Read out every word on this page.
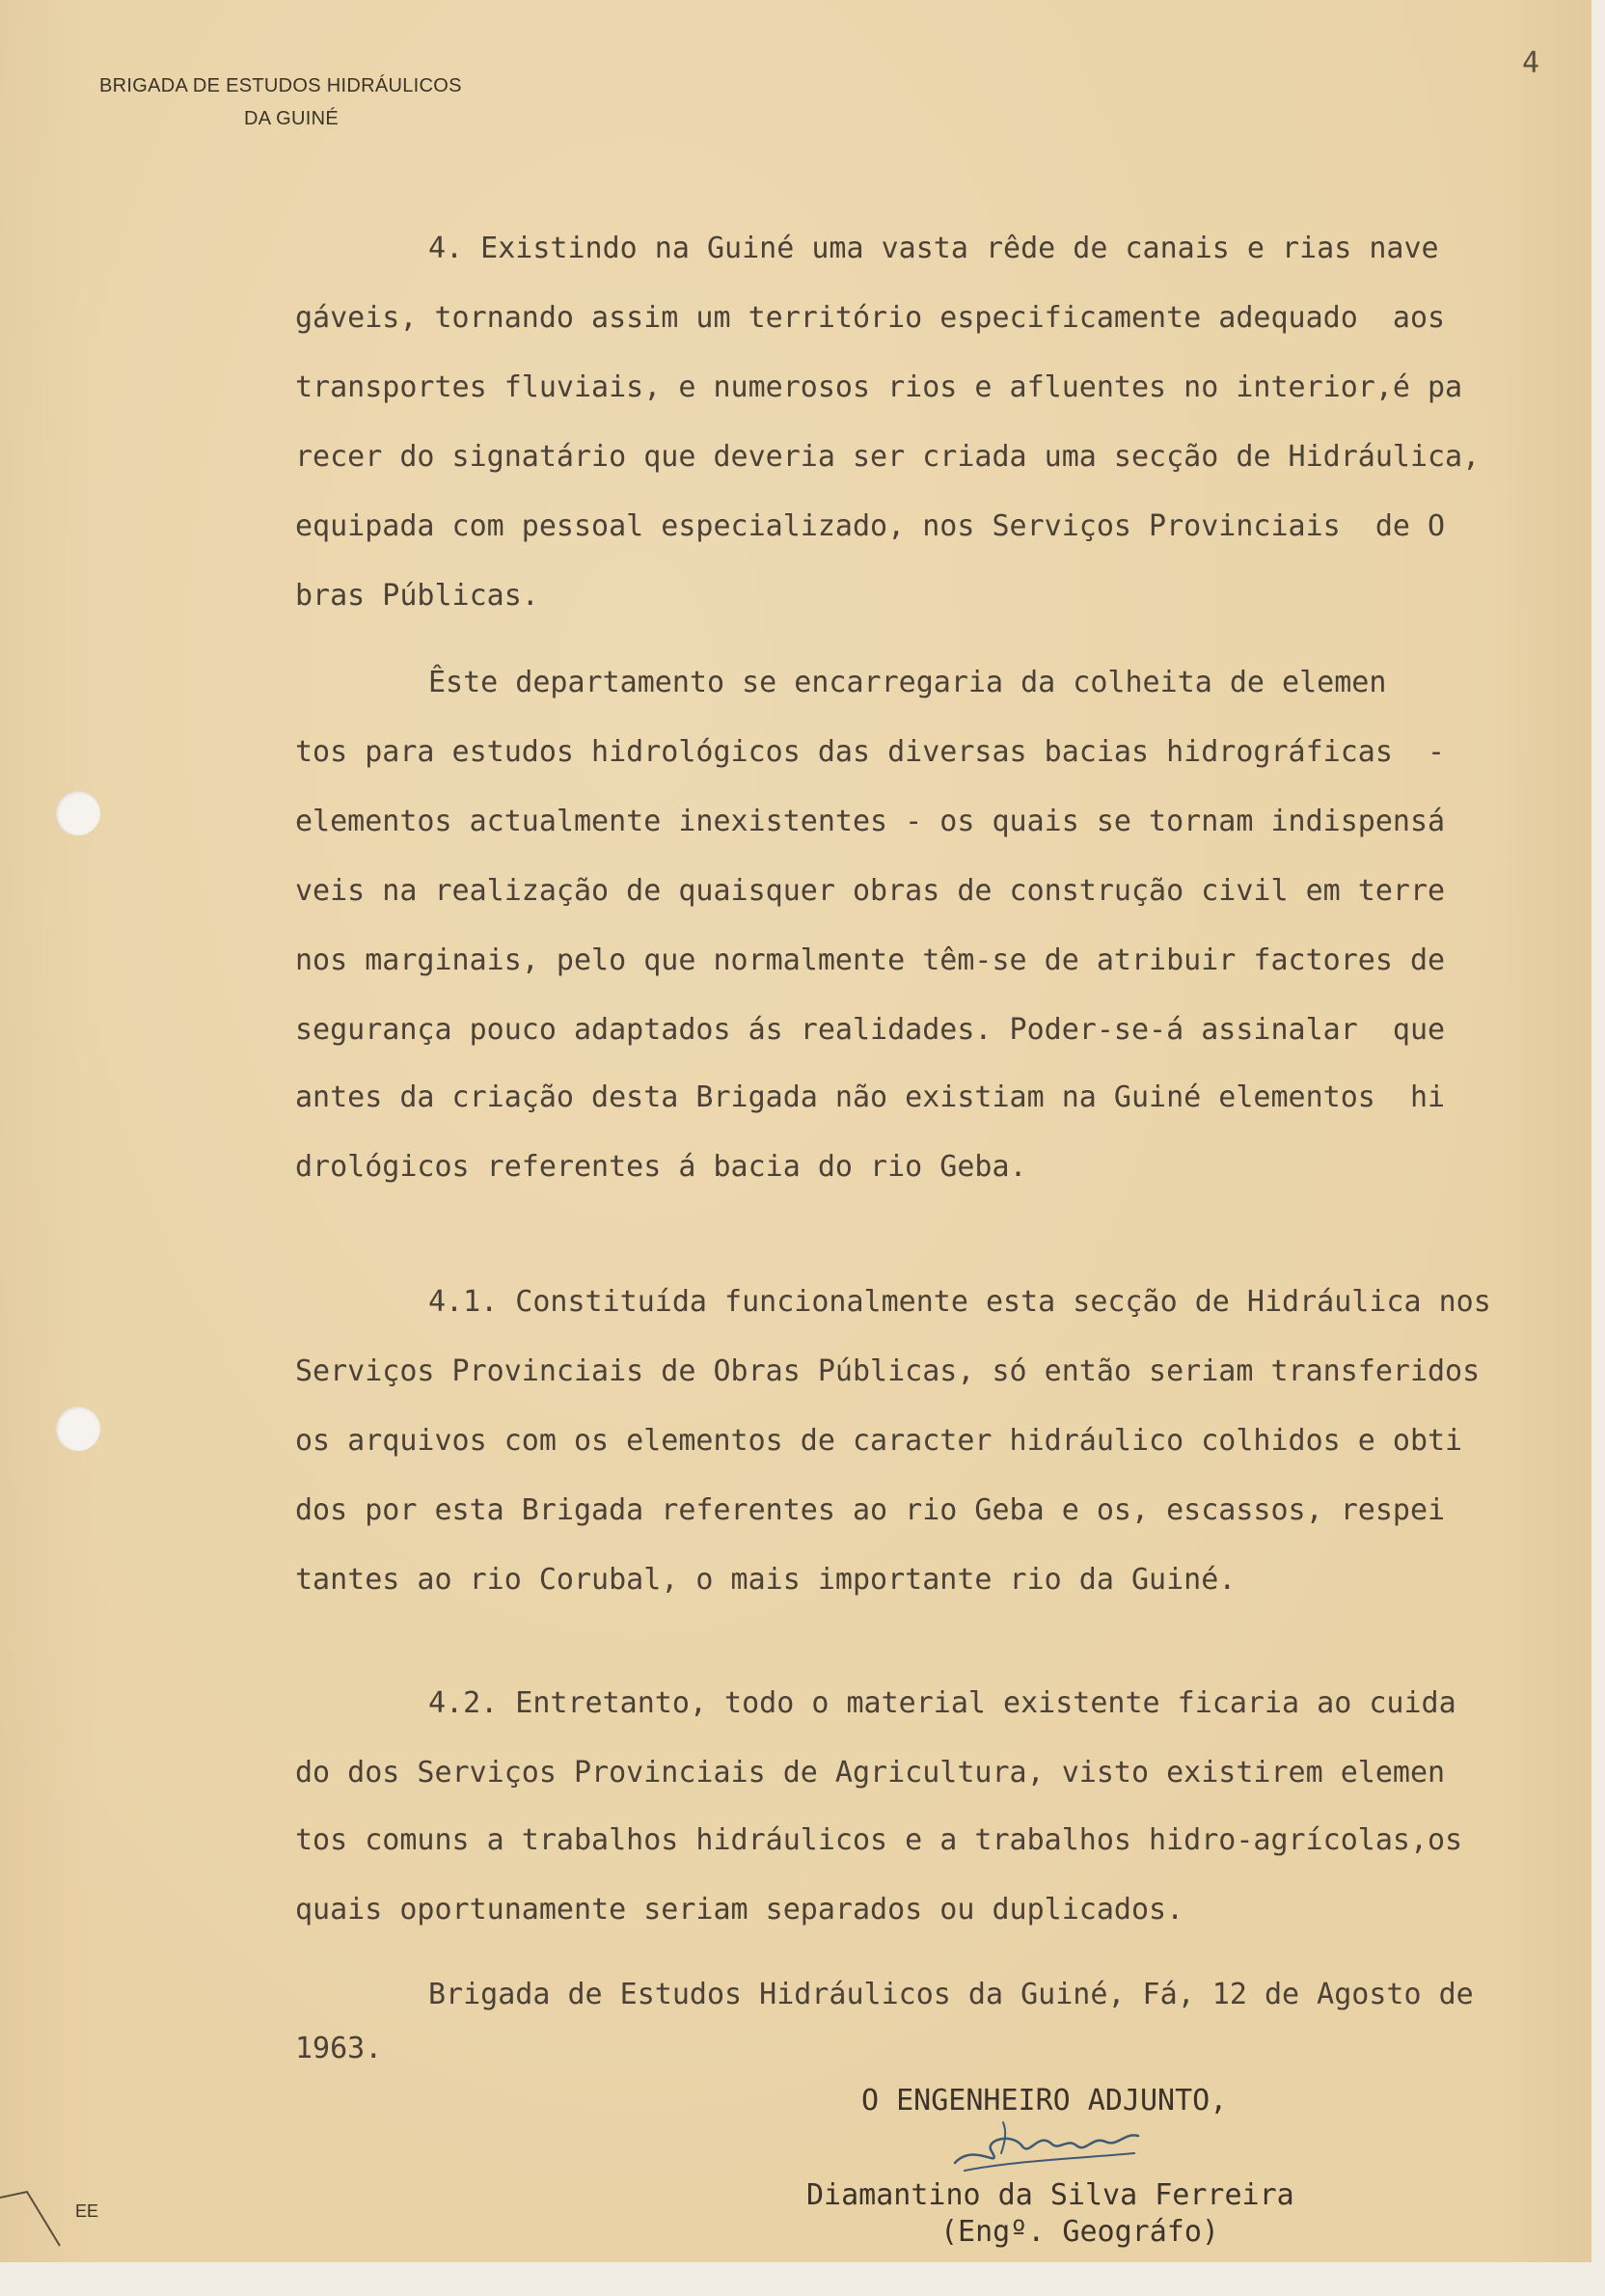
BRIGADA DE ESTUDOS HIDRÁULICOS
DA GUINÉ
4

4. Existindo na Guiné uma vasta rêde de canais e rias nave

gáveis, tornando assim um território especificamente adequado  aos

transportes fluviais, e numerosos rios e afluentes no interior,é pa

recer do signatário que deveria ser criada uma secção de Hidráulica,

equipada com pessoal especializado, nos Serviços Provinciais  de O

bras Públicas.

Êste departamento se encarregaria da colheita de elemen

tos para estudos hidrológicos das diversas bacias hidrográficas  -

elementos actualmente inexistentes - os quais se tornam indispensá

veis na realização de quaisquer obras de construção civil em terre

nos marginais, pelo que normalmente têm-se de atribuir factores de

segurança pouco adaptados ás realidades. Poder-se-á assinalar  que

antes da criação desta Brigada não existiam na Guiné elementos  hi

drológicos referentes á bacia do rio Geba.

4.1. Constituída funcionalmente esta secção de Hidráulica nos

Serviços Provinciais de Obras Públicas, só então seriam transferidos

os arquivos com os elementos de caracter hidráulico colhidos e obti

dos por esta Brigada referentes ao rio Geba e os, escassos, respei

tantes ao rio Corubal, o mais importante rio da Guiné.

4.2. Entretanto, todo o material existente ficaria ao cuida

do dos Serviços Provinciais de Agricultura, visto existirem elemen

tos comuns a trabalhos hidráulicos e a trabalhos hidro-agrícolas,os

quais oportunamente seriam separados ou duplicados.

Brigada de Estudos Hidráulicos da Guiné, Fá, 12 de Agosto de

1963.

O ENGENHEIRO ADJUNTO,
Diamantino da Silva Ferreira
(Engº. Geográfo)
EE
